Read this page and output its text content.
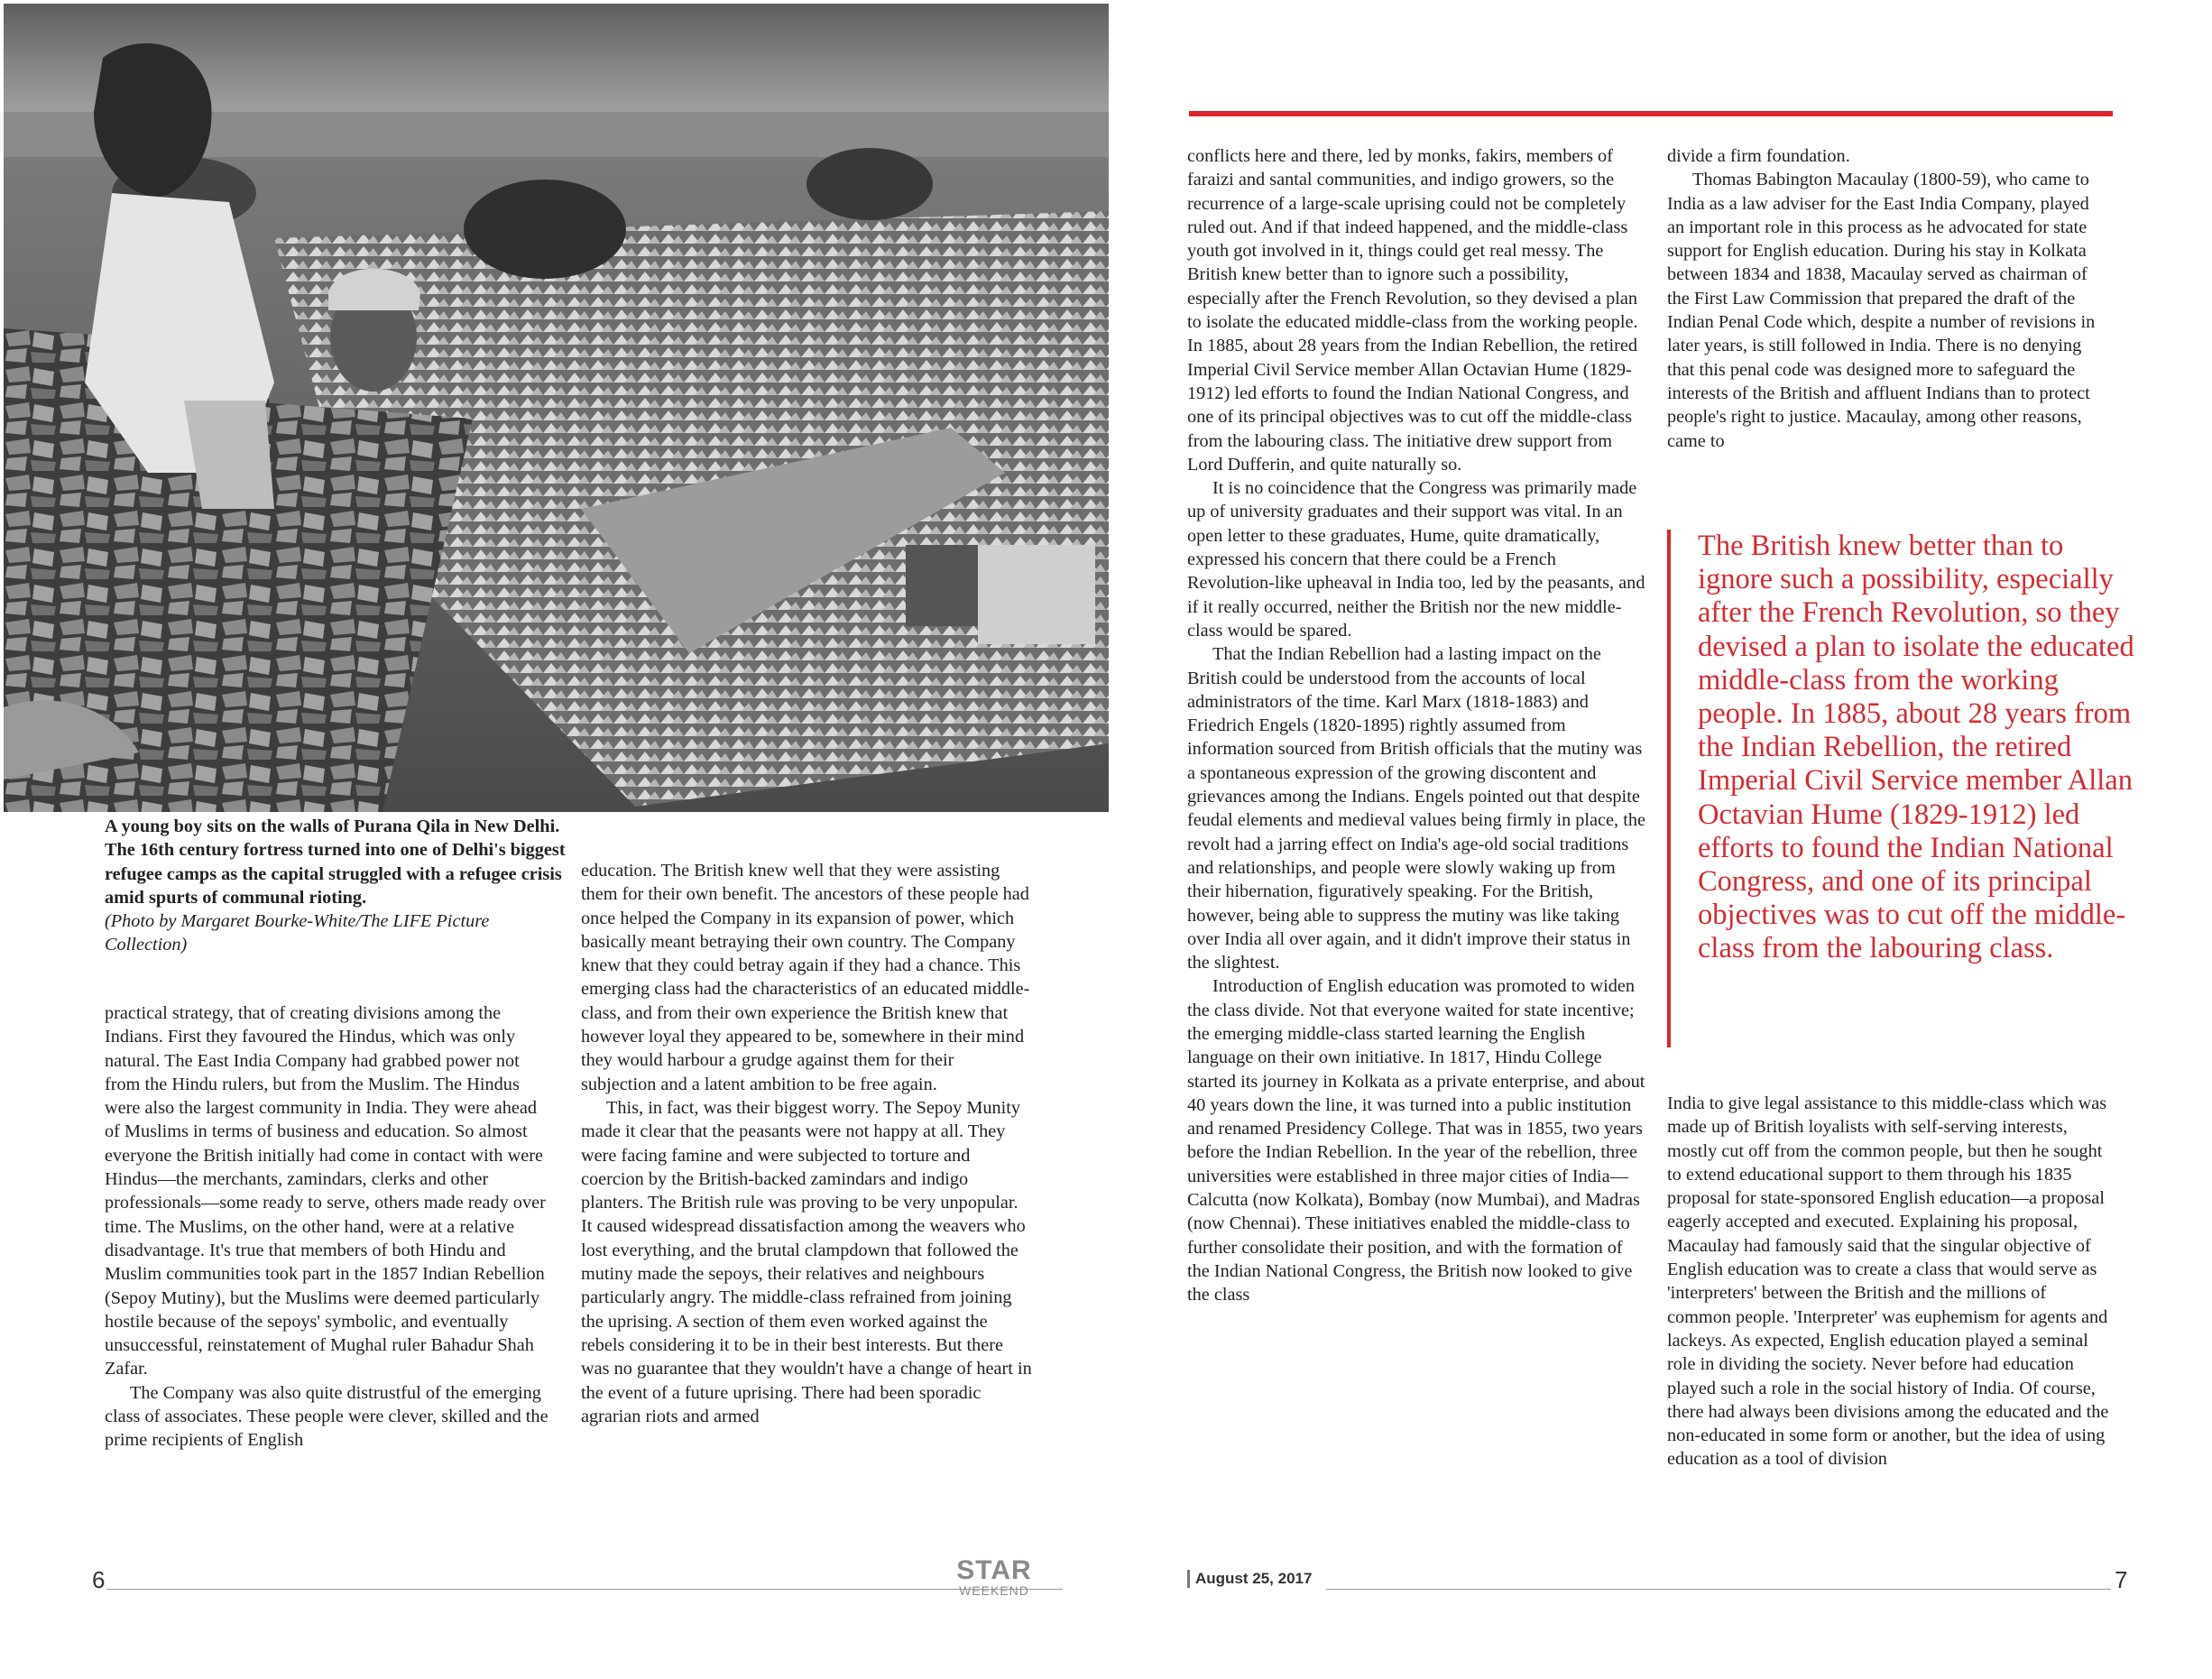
A young boy sits on the walls of Purana Qila in New Delhi. The 16th century fortress turned into one of Delhi's biggest refugee camps as the capital struggled with a refugee crisis amid spurts of communal rioting.
(Photo by Margaret Bourke-White/The LIFE Picture Collection)

practical strategy, that of creating divisions among the Indians. First they favoured the Hindus, which was only natural. The East India Company had grabbed power not from the Hindu rulers, but from the Muslim. The Hindus were also the largest community in India. They were ahead of Muslims in terms of business and education. So almost everyone the British initially had come in contact with were Hindus—the merchants, zamindars, clerks and other professionals—some ready to serve, others made ready over time. The Muslims, on the other hand, were at a relative disadvantage. It's true that members of both Hindu and Muslim communities took part in the 1857 Indian Rebellion (Sepoy Mutiny), but the Muslims were deemed particularly hostile because of the sepoys' symbolic, and eventually unsuccessful, reinstatement of Mughal ruler Bahadur Shah Zafar.

The Company was also quite distrustful of the emerging class of associates. These people were clever, skilled and the prime recipients of English

education. The British knew well that they were assisting them for their own benefit. The ancestors of these people had once helped the Company in its expansion of power, which basically meant betraying their own country. The Company knew that they could betray again if they had a chance. This emerging class had the characteristics of an educated middle-class, and from their own experience the British knew that however loyal they appeared to be, somewhere in their mind they would harbour a grudge against them for their subjection and a latent ambition to be free again.

This, in fact, was their biggest worry. The Sepoy Munity made it clear that the peasants were not happy at all. They were facing famine and were subjected to torture and coercion by the British-backed zamindars and indigo planters. The British rule was proving to be very unpopular. It caused widespread dissatisfaction among the weavers who lost everything, and the brutal clampdown that followed the mutiny made the sepoys, their relatives and neighbours particularly angry. The middle-class refrained from joining the uprising. A section of them even worked against the rebels considering it to be in their best interests. But there was no guarantee that they wouldn't have a change of heart in the event of a future uprising. There had been sporadic agrarian riots and armed

conflicts here and there, led by monks, fakirs, members of faraizi and santal communities, and indigo growers, so the recurrence of a large-scale uprising could not be completely ruled out. And if that indeed happened, and the middle-class youth got involved in it, things could get real messy. The British knew better than to ignore such a possibility, especially after the French Revolution, so they devised a plan to isolate the educated middle-class from the working people. In 1885, about 28 years from the Indian Rebellion, the retired Imperial Civil Service member Allan Octavian Hume (1829-1912) led efforts to found the Indian National Congress, and one of its principal objectives was to cut off the middle-class from the labouring class. The initiative drew support from Lord Dufferin, and quite naturally so.

It is no coincidence that the Congress was primarily made up of university graduates and their support was vital. In an open letter to these graduates, Hume, quite dramatically, expressed his concern that there could be a French Revolution-like upheaval in India too, led by the peasants, and if it really occurred, neither the British nor the new middle-class would be spared.

That the Indian Rebellion had a lasting impact on the British could be understood from the accounts of local administrators of the time. Karl Marx (1818-1883) and Friedrich Engels (1820-1895) rightly assumed from information sourced from British officials that the mutiny was a spontaneous expression of the growing discontent and grievances among the Indians. Engels pointed out that despite feudal elements and medieval values being firmly in place, the revolt had a jarring effect on India's age-old social traditions and relationships, and people were slowly waking up from their hibernation, figuratively speaking. For the British, however, being able to suppress the mutiny was like taking over India all over again, and it didn't improve their status in the slightest.

Introduction of English education was promoted to widen the class divide. Not that everyone waited for state incentive; the emerging middle-class started learning the English language on their own initiative. In 1817, Hindu College started its journey in Kolkata as a private enterprise, and about 40 years down the line, it was turned into a public institution and renamed Presidency College. That was in 1855, two years before the Indian Rebellion. In the year of the rebellion, three universities were established in three major cities of India— Calcutta (now Kolkata), Bombay (now Mumbai), and Madras (now Chennai). These initiatives enabled the middle-class to further consolidate their position, and with the formation of the Indian National Congress, the British now looked to give the class

divide a firm foundation.

Thomas Babington Macaulay (1800-59), who came to India as a law adviser for the East India Company, played an important role in this process as he advocated for state support for English education. During his stay in Kolkata between 1834 and 1838, Macaulay served as chairman of the First Law Commission that prepared the draft of the Indian Penal Code which, despite a number of revisions in later years, is still followed in India. There is no denying that this penal code was designed more to safeguard the interests of the British and affluent Indians than to protect people's right to justice. Macaulay, among other reasons, came to

The British knew better than to ignore such a possibility, especially after the French Revolution, so they devised a plan to isolate the educated middle-class from the working people. In 1885, about 28 years from the Indian Rebellion, the retired Imperial Civil Service member Allan Octavian Hume (1829-1912) led efforts to found the Indian National Congress, and one of its principal objectives was to cut off the middle-class from the labouring class.

India to give legal assistance to this middle-class which was made up of British loyalists with self-serving interests, mostly cut off from the common people, but then he sought to extend educational support to them through his 1835 proposal for state-sponsored English education—a proposal eagerly accepted and executed. Explaining his proposal, Macaulay had famously said that the singular objective of English education was to create a class that would serve as 'interpreters' between the British and the millions of common people. 'Interpreter' was euphemism for agents and lackeys. As expected, English education played a seminal role in dividing the society. Never before had education played such a role in the social history of India. Of course, there had always been divisions among the educated and the non-educated in some form or another, but the idea of using education as a tool of division

6	STAR
WEEKEND
August 25, 2017	7
